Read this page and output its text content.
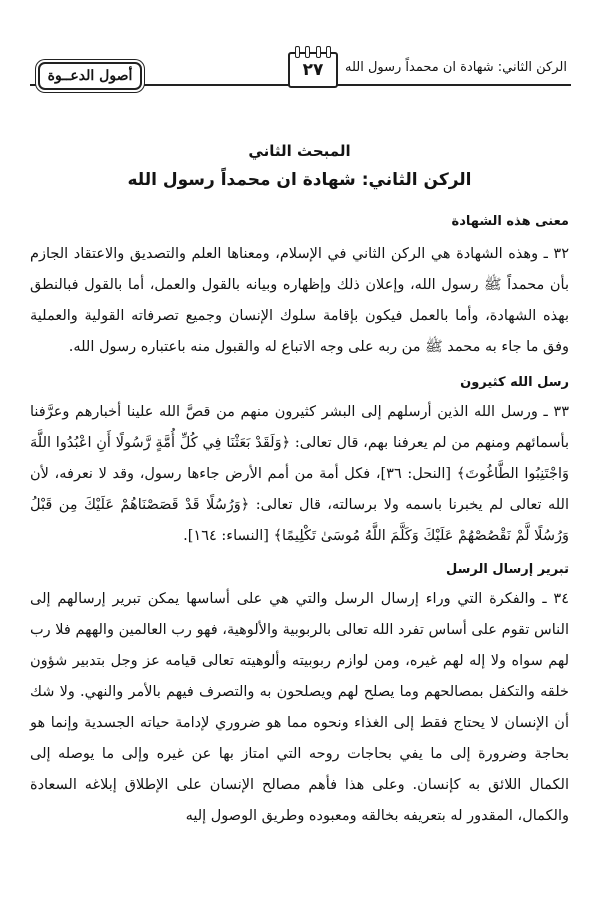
أصول الدعــوة	٢٧ الركن الثاني: شهادة ان محمداً رسول الله
المبحث الثاني
الركن الثاني: شهادة ان محمداً رسول الله
معنى هذه الشهادة

٣٢ ـ وهذه الشهادة هي الركن الثاني في الإسلام، ومعناها العلم والتصديق والاعتقاد الجازم بأن محمداً ﷺ رسول الله، وإعلان ذلك وإظهاره وبيانه بالقول والعمل، أما بالقول فبالنطق بهذه الشهادة، وأما بالعمل فيكون بإقامة سلوك الإنسان وجميع تصرفاته القولية والعملية وفق ما جاء به محمد ﷺ من ربه على وجه الاتباع له والقبول منه باعتباره رسول الله.

رسل الله كثيرون

٣٣ ـ ورسل الله الذين أرسلهم إلى البشر كثيرون منهم من قصَّ الله علينا أخبارهم وعرَّفنا بأسمائهم ومنهم من لم يعرفنا بهم، قال تعالى: ﴿وَلَقَدْ بَعَثْنَا فِي كُلِّ أُمَّةٍ رَّسُولًا أَنِ اعْبُدُوا اللَّهَ وَاجْتَنِبُوا الطَّاغُوتَ﴾ [النحل: ٣٦]، فكل أمة من أمم الأرض جاءها رسول، وقد لا نعرفه، لأن الله تعالى لم يخبرنا باسمه ولا برسالته، قال تعالى: ﴿وَرُسُلًا قَدْ قَصَصْنَاهُمْ عَلَيْكَ مِن قَبْلُ وَرُسُلًا لَّمْ نَقْصُصْهُمْ عَلَيْكَ وَكَلَّمَ اللَّهُ مُوسَىٰ تَكْلِيمًا﴾ [النساء: ١٦٤].

تبرير إرسال الرسل

٣٤ ـ والفكرة التي وراء إرسال الرسل والتي هي على أساسها يمكن تبرير إرسالهم إلى الناس تقوم على أساس تفرد الله تعالى بالربوبية والألوهية، فهو رب العالمين والههم فلا رب لهم سواه ولا إله لهم غيره، ومن لوازم ربوبيته وألوهيته تعالى قيامه عز وجل بتدبير شؤون خلقه والتكفل بمصالحهم وما يصلح لهم ويصلحون به والتصرف فيهم بالأمر والنهي. ولا شك أن الإنسان لا يحتاج فقط إلى الغذاء ونحوه مما هو ضروري لإدامة حياته الجسدية وإنما هو بحاجة وضرورة إلى ما يفي بحاجات روحه التي امتاز بها عن غيره وإلى ما يوصله إلى الكمال اللائق به كإنسان. وعلى هذا فأهم مصالح الإنسان على الإطلاق إبلاغه السعادة والكمال، المقدور له بتعريفه بخالقه ومعبوده وطريق الوصول إليه
